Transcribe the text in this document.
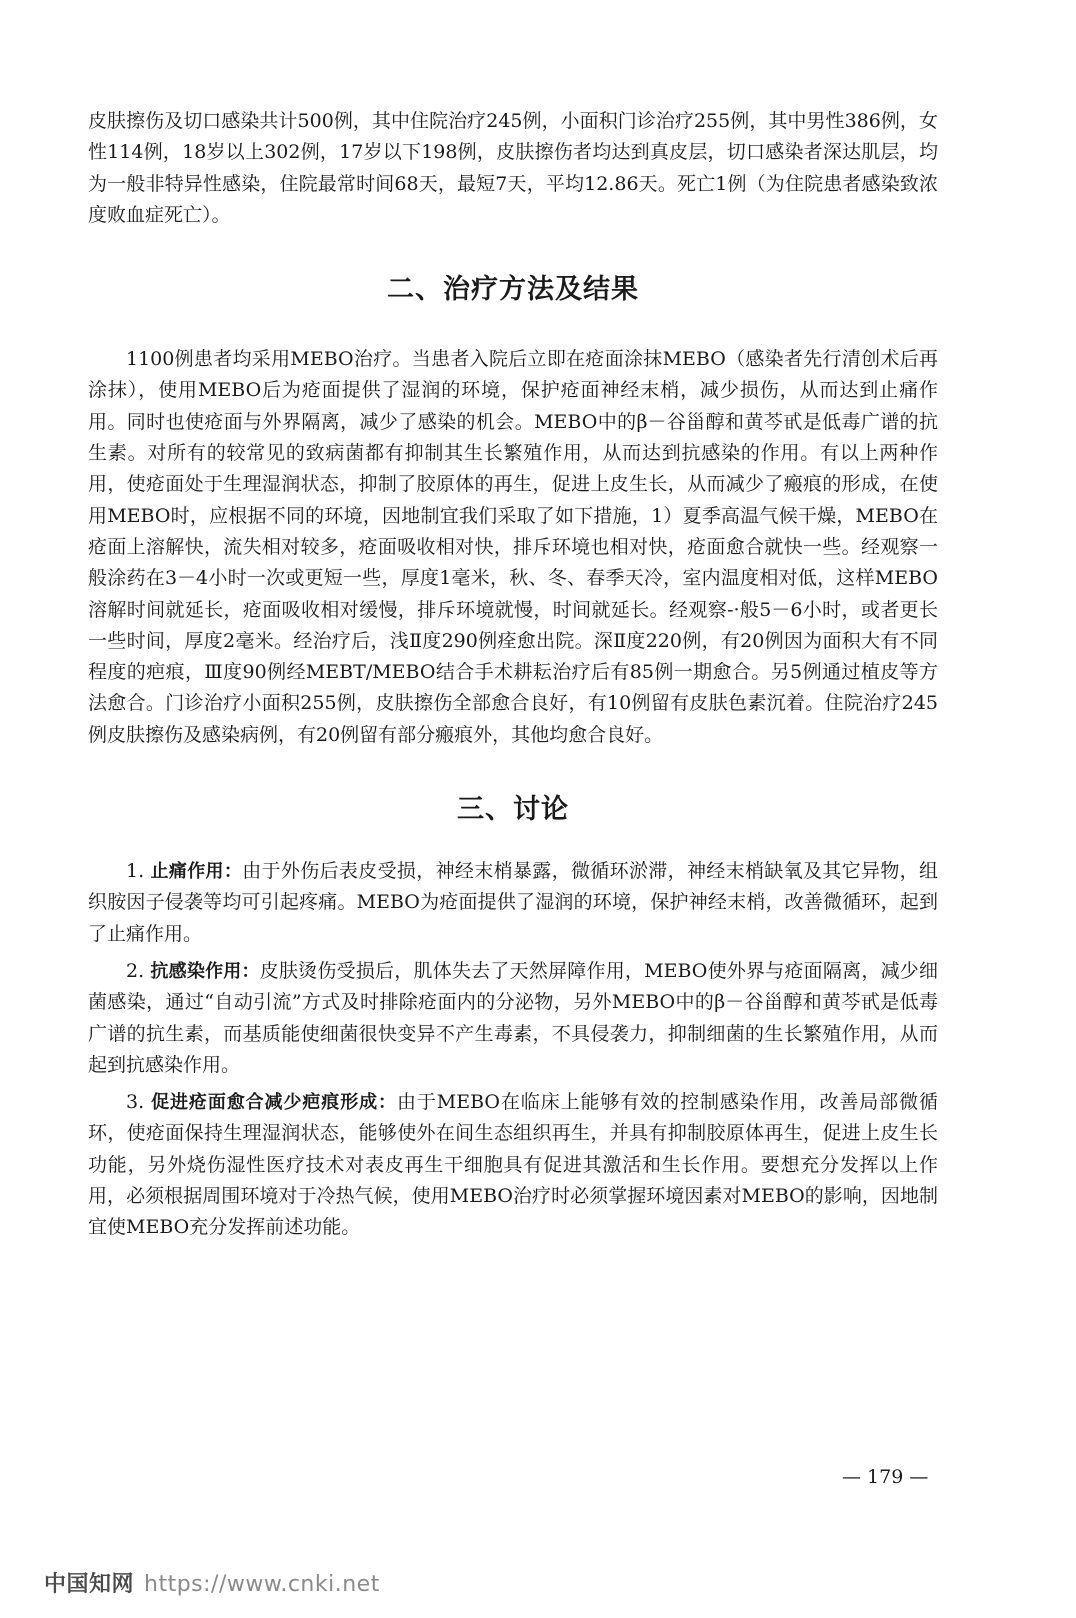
皮肤擦伤及切口感染共计500例，其中住院治疗245例，小面积门诊治疗255例，其中男性386例，女性114例，18岁以上302例，17岁以下198例，皮肤擦伤者均达到真皮层，切口感染者深达肌层，均为一般非特异性感染，住院最常时间68天，最短7天，平均12.86天。死亡1例（为住院患者感染致浓度败血症死亡）。

二、治疗方法及结果

1100例患者均采用MEBO治疗。当患者入院后立即在疮面涂抹MEBO（感染者先行清创术后再涂抹），使用MEBO后为疮面提供了湿润的环境，保护疮面神经末梢，减少损伤，从而达到止痛作用。同时也使疮面与外界隔离，减少了感染的机会。MEBO中的β－谷甾醇和黄芩甙是低毒广谱的抗生素。对所有的较常见的致病菌都有抑制其生长繁殖作用，从而达到抗感染的作用。有以上两种作用，使疮面处于生理湿润状态，抑制了胶原体的再生，促进上皮生长，从而减少了瘢痕的形成，在使用MEBO时，应根据不同的环境，因地制宜我们采取了如下措施，1）夏季高温气候干燥，MEBO在疮面上溶解快，流失相对较多，疮面吸收相对快，排斥环境也相对快，疮面愈合就快一些。经观察一般涂药在3－4小时一次或更短一些，厚度1毫米，秋、冬、春季天冷，室内温度相对低，这样MEBO溶解时间就延长，疮面吸收相对缓慢，排斥环境就慢，时间就延长。经观察-·般5－6小时，或者更长一些时间，厚度2毫米。经治疗后，浅Ⅱ度290例痊愈出院。深Ⅱ度220例，有20例因为面积大有不同程度的疤痕，Ⅲ度90例经MEBT/MEBO结合手术耕耘治疗后有85例一期愈合。另5例通过植皮等方法愈合。门诊治疗小面积255例，皮肤擦伤全部愈合良好，有10例留有皮肤色素沉着。住院治疗245例皮肤擦伤及感染病例，有20例留有部分瘢痕外，其他均愈合良好。

三、讨论

1. 止痛作用：由于外伤后表皮受损，神经末梢暴露，微循环淤滞，神经末梢缺氧及其它异物，组织胺因子侵袭等均可引起疼痛。MEBO为疮面提供了湿润的环境，保护神经末梢，改善微循环，起到了止痛作用。

2. 抗感染作用：皮肤烫伤受损后，肌体失去了天然屏障作用，MEBO使外界与疮面隔离，减少细菌感染，通过“自动引流”方式及时排除疮面内的分泌物，另外MEBO中的β－谷甾醇和黄芩甙是低毒广谱的抗生素，而基质能使细菌很快变异不产生毒素，不具侵袭力，抑制细菌的生长繁殖作用，从而起到抗感染作用。

3. 促进疮面愈合减少疤痕形成：由于MEBO在临床上能够有效的控制感染作用，改善局部微循环，使疮面保持生理湿润状态，能够使外在间生态组织再生，并具有抑制胶原体再生，促进上皮生长功能，另外烧伤湿性医疗技术对表皮再生干细胞具有促进其激活和生长作用。要想充分发挥以上作用，必须根据周围环境对于冷热气候，使用MEBO治疗时必须掌握环境因素对MEBO的影响，因地制宜使MEBO充分发挥前述功能。

— 179 —
中国知网 https://www.cnki.net
